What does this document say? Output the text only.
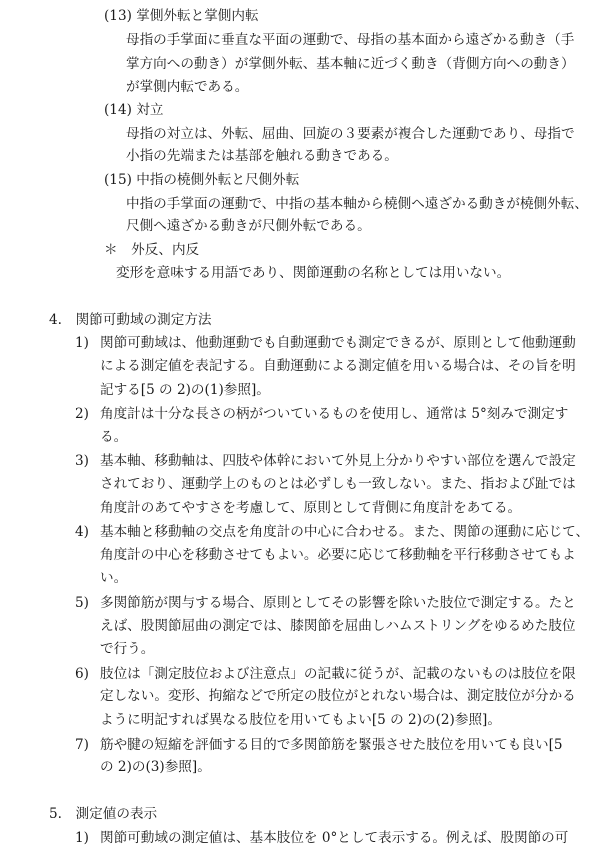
(13) 掌側外転と掌側内転
母指の手掌面に垂直な平面の運動で、母指の基本面から遠ざかる動き（手
掌方向への動き）が掌側外転、基本軸に近づく動き（背側方向への動き）
が掌側内転である。
(14) 対立
母指の対立は、外転、屈曲、回旋の３要素が複合した運動であり、母指で
小指の先端または基部を触れる動きである。
(15) 中指の橈側外転と尺側外転
中指の手掌面の運動で、中指の基本軸から橈側へ遠ざかる動きが橈側外転、
尺側へ遠ざかる動きが尺側外転である。
＊　外反、内反
変形を意味する用語であり、関節運動の名称としては用いない。
4.　関節可動域の測定方法
1) 関節可動域は、他動運動でも自動運動でも測定できるが、原則として他動運動
による測定値を表記する。自動運動による測定値を用いる場合は、その旨を明
記する[5 の 2)の(1)参照]。
2) 角度計は十分な長さの柄がついているものを使用し、通常は 5°刻みで測定す
る。
3) 基本軸、移動軸は、四肢や体幹において外見上分かりやすい部位を選んで設定
されており、運動学上のものとは必ずしも一致しない。また、指および趾では
角度計のあてやすさを考慮して、原則として背側に角度計をあてる。
4) 基本軸と移動軸の交点を角度計の中心に合わせる。また、関節の運動に応じて、
角度計の中心を移動させてもよい。必要に応じて移動軸を平行移動させてもよ
い。
5) 多関節筋が関与する場合、原則としてその影響を除いた肢位で測定する。たと
えば、股関節屈曲の測定では、膝関節を屈曲しハムストリングをゆるめた肢位
で行う。
6) 肢位は「測定肢位および注意点」の記載に従うが、記載のないものは肢位を限
定しない。変形、拘縮などで所定の肢位がとれない場合は、測定肢位が分かる
ように明記すれば異なる肢位を用いてもよい[5 の 2)の(2)参照]。
7) 筋や腱の短縮を評価する目的で多関節筋を緊張させた肢位を用いても良い[5
の 2)の(3)参照]。
5.　測定値の表示
1) 関節可動域の測定値は、基本肢位を 0°として表示する。例えば、股関節の可
